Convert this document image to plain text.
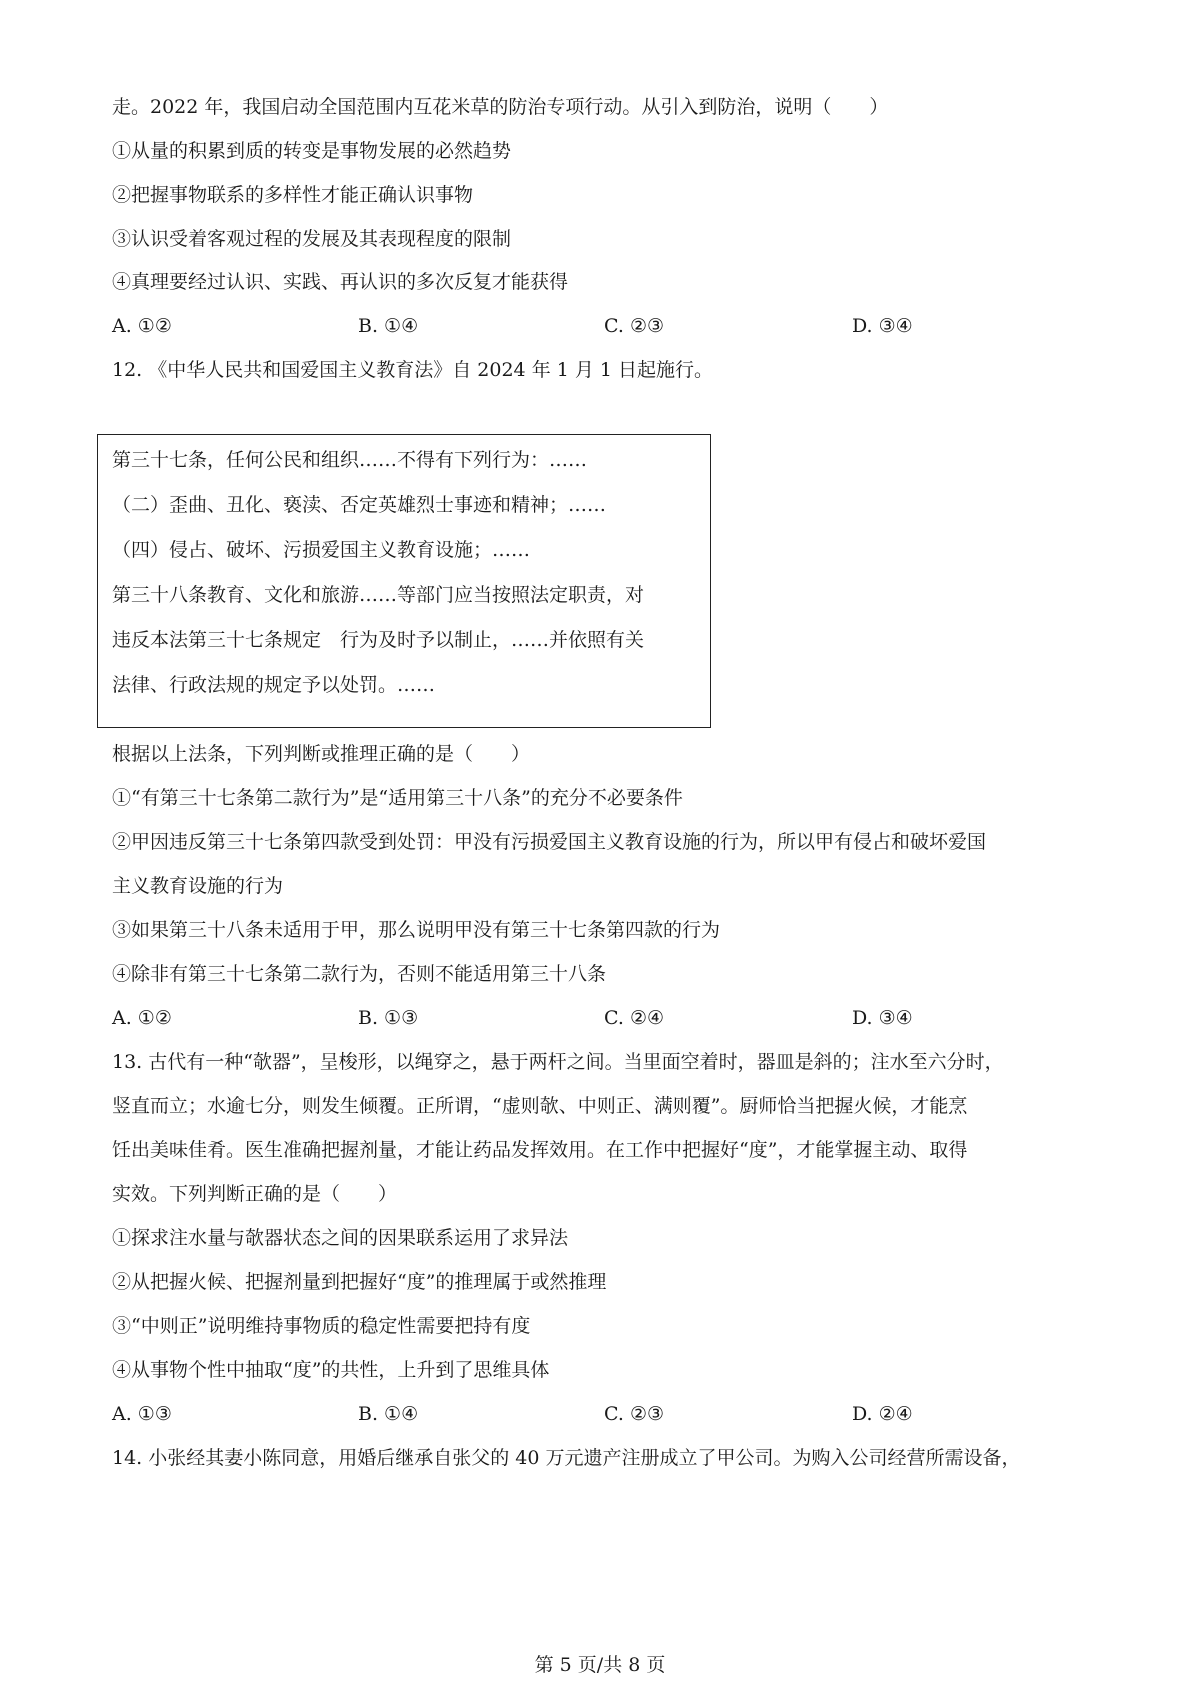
走。2022 年，我国启动全国范围内互花米草的防治专项行动。从引入到防治，说明（　　）
①从量的积累到质的转变是事物发展的必然趋势
②把握事物联系的多样性才能正确认识事物
③认识受着客观过程的发展及其表现程度的限制
④真理要经过认识、实践、再认识的多次反复才能获得
A. ①②	B. ①④	C. ②③	D. ③④
12. 《中华人民共和国爱国主义教育法》自 2024 年 1 月 1 日起施行。
第三十七条，任何公民和组织……不得有下列行为：……
（二）歪曲、丑化、亵渎、否定英雄烈士事迹和精神；……
（四）侵占、破坏、污损爱国主义教育设施；……
第三十八条教育、文化和旅游……等部门应当按照法定职责，对
违反本法第三十七条规定　行为及时予以制止，……并依照有关
法律、行政法规的规定予以处罚。……
根据以上法条，下列判断或推理正确的是（　　）
①“有第三十七条第二款行为”是“适用第三十八条”的充分不必要条件
②甲因违反第三十七条第四款受到处罚：甲没有污损爱国主义教育设施的行为，所以甲有侵占和破坏爱国
主义教育设施的行为
③如果第三十八条未适用于甲，那么说明甲没有第三十七条第四款的行为
④除非有第三十七条第二款行为，否则不能适用第三十八条
A. ①②	B. ①③	C. ②④	D. ③④
13. 古代有一种“欹器”，呈梭形，以绳穿之，悬于两杆之间。当里面空着时，器皿是斜的；注水至六分时，
竖直而立；水逾七分，则发生倾覆。正所谓，“虚则欹、中则正、满则覆”。厨师恰当把握火候，才能烹
饪出美味佳肴。医生准确把握剂量，才能让药品发挥效用。在工作中把握好“度”，才能掌握主动、取得
实效。下列判断正确的是（　　）
①探求注水量与欹器状态之间的因果联系运用了求异法
②从把握火候、把握剂量到把握好“度”的推理属于或然推理
③“中则正”说明维持事物质的稳定性需要把持有度
④从事物个性中抽取“度”的共性，上升到了思维具体
A. ①③	B. ①④	C. ②③	D. ②④
14. 小张经其妻小陈同意，用婚后继承自张父的 40 万元遗产注册成立了甲公司。为购入公司经营所需设备，
第 5 页/共 8 页
